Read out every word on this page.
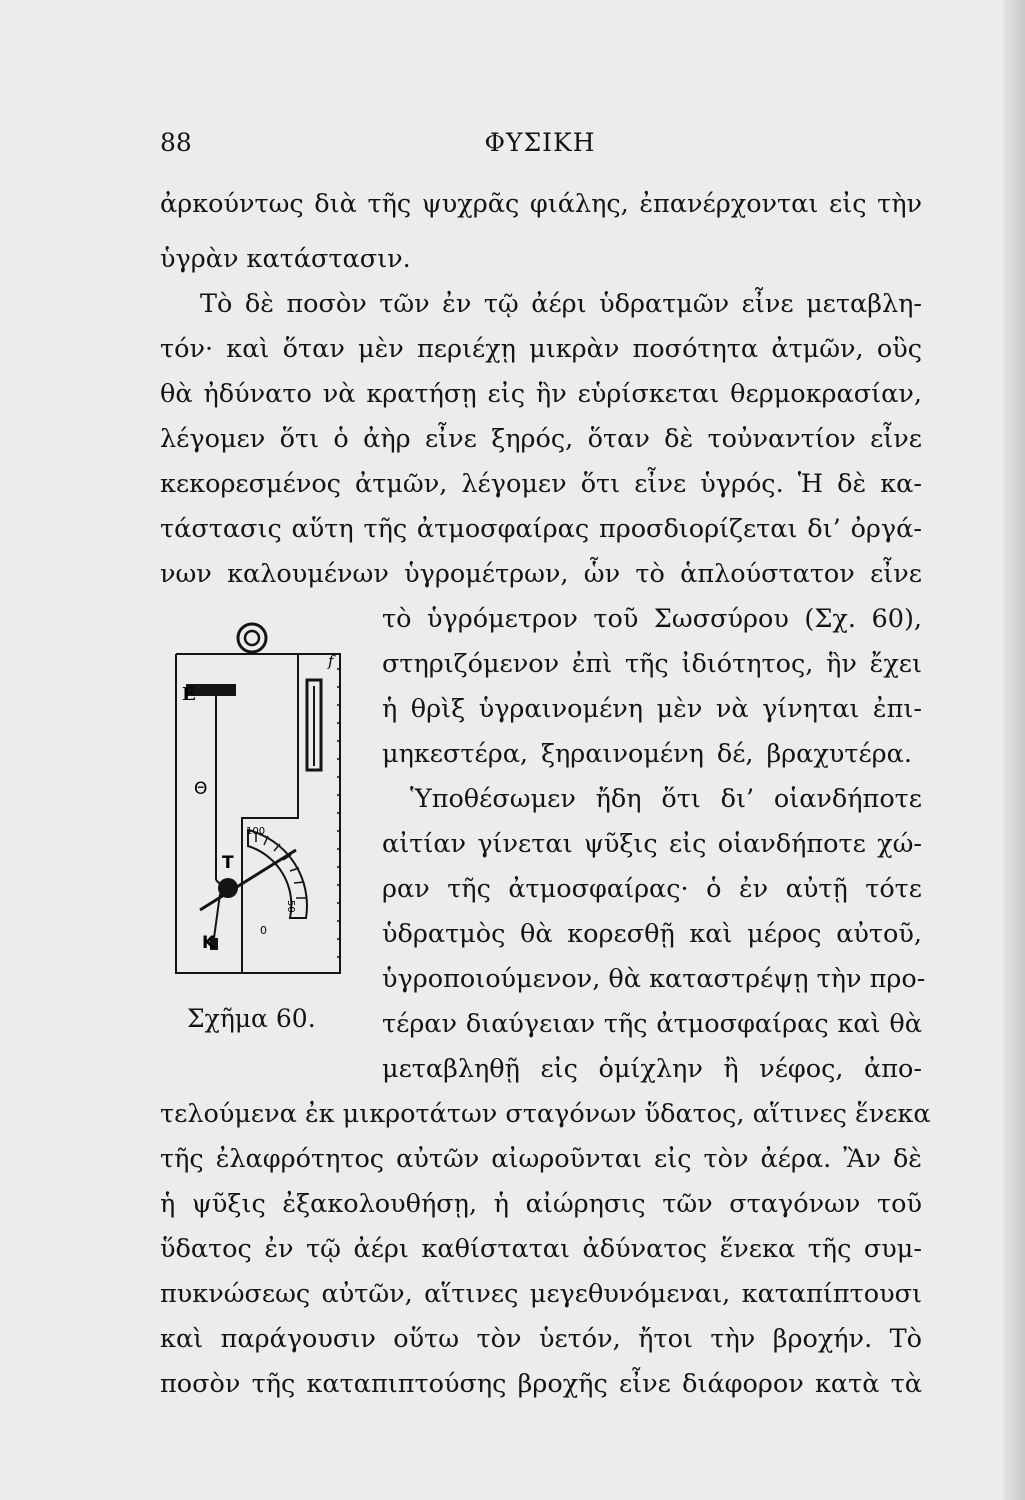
88	ΦΥΣΙΚΗ
ἀρκούντως διὰ τῆς ψυχρᾶς φιάλης, ἐπανέρχονται εἰς τὴν
ὑγρὰν κατάστασιν.
Τὸ δὲ ποσὸν τῶν ἐν τῷ ἀέρι ὑδρατμῶν εἶνε μεταβλη-
τόν· καὶ ὅταν μὲν περιέχῃ μικρὰν ποσότητα ἀτμῶν, οὓς
θὰ ἠδύνατο νὰ κρατήσῃ εἰς ἣν εὑρίσκεται θερμοκρασίαν,
λέγομεν ὅτι ὁ ἀὴρ εἶνε ξηρός, ὅταν δὲ τοὐναντίον εἶνε
κεκορεσμένος ἀτμῶν, λέγομεν ὅτι εἶνε ὑγρός. Ἡ δὲ κα-
τάστασις αὕτη τῆς ἀτμοσφαίρας προσδιορίζεται δι’ ὀργά-
νων καλουμένων ὑγρομέτρων, ὧν τὸ ἁπλούστατον εἶνε
τὸ ὑγρόμετρον τοῦ Σωσσύρου (Σχ. 60),
στηριζόμενον ἐπὶ τῆς ἰδιότητος, ἣν ἔχει
ἡ θρὶξ ὑγραινομένη μὲν νὰ γίνηται ἐπι-
μηκεστέρα, ξηραινομένη δέ, βραχυτέρα.
Ὑποθέσωμεν ἤδη ὅτι δι’ οἱανδήποτε
αἰτίαν γίνεται ψῦξις εἰς οἱανδήποτε χώ-
ραν τῆς ἀτμοσφαίρας· ὁ ἐν αὐτῇ τότε
ὑδρατμὸς θὰ κορεσθῇ καὶ μέρος αὐτοῦ,
ὑγροποιούμενον, θὰ καταστρέψῃ τὴν προ-
τέραν διαύγειαν τῆς ἀτμοσφαίρας καὶ θὰ
μεταβληθῇ εἰς ὁμίχλην ἢ νέφος, ἀπο-
τελούμενα ἐκ μικροτάτων σταγόνων ὕδατος, αἵτινες ἕνεκα
τῆς ἐλαφρότητος αὐτῶν αἰωροῦνται εἰς τὸν ἀέρα. Ἂν δὲ
ἡ ψῦξις ἐξακολουθήσῃ, ἡ αἰώρησις τῶν σταγόνων τοῦ
ὕδατος ἐν τῷ ἀέρι καθίσταται ἀδύνατος ἕνεκα τῆς συμ-
πυκνώσεως αὐτῶν, αἵτινες μεγεθυνόμεναι, καταπίπτουσι
καὶ παράγουσιν οὕτω τὸν ὑετόν, ἤτοι τὴν βροχήν. Τὸ
ποσὸν τῆς καταπιπτούσης βροχῆς εἶνε διάφορον κατὰ τὰ
f
E
Θ
T
K
100
50
0
Σχῆμα 60.
